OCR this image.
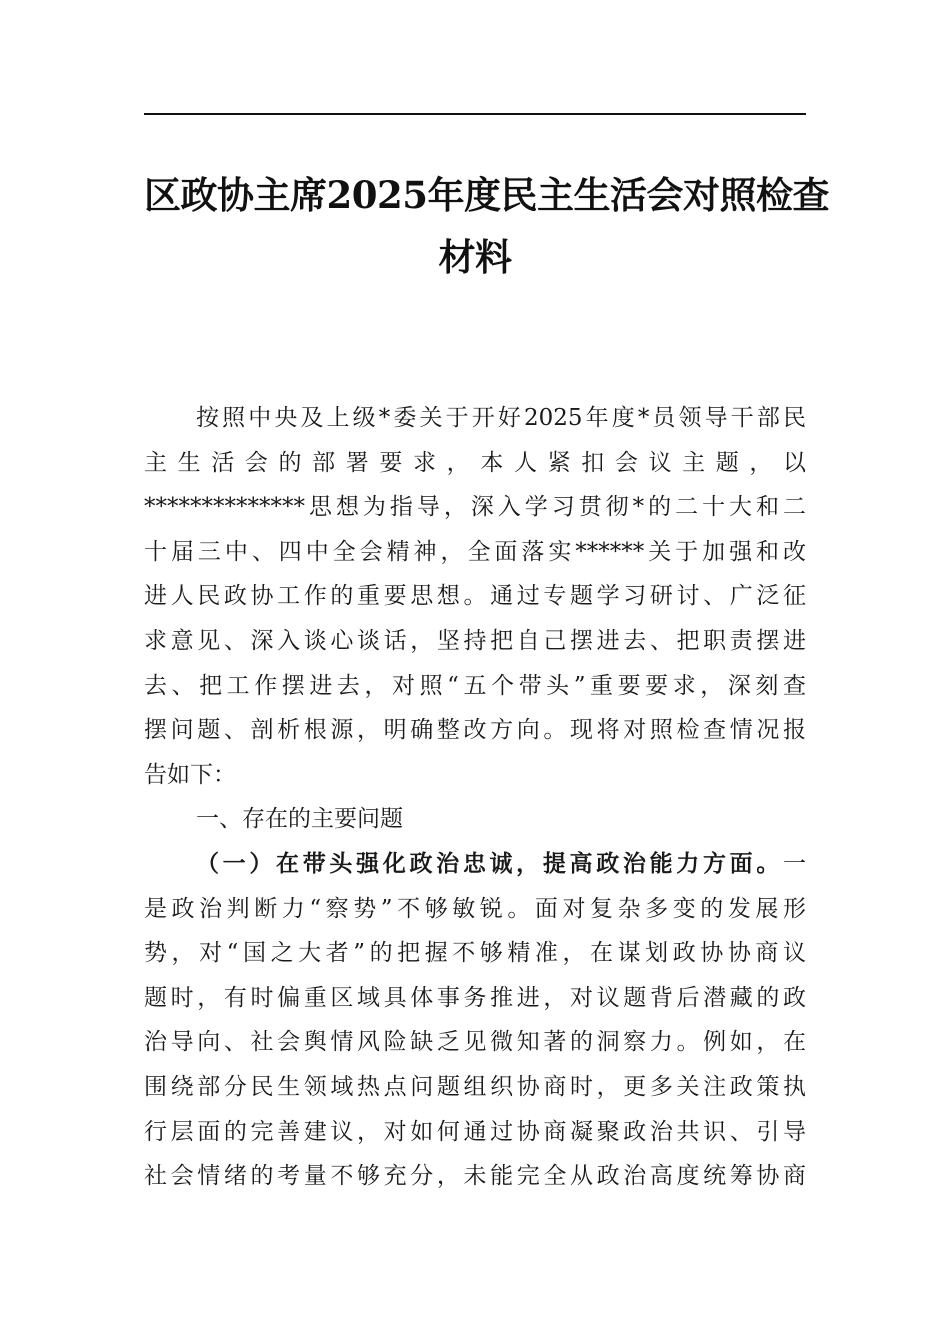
区政协主席2025年度民主生活会对照检查
材料
按照中央及上级*委关于开好2025年度*员领导干部民
主生活会的部署要求，本人紧扣会议主题，以
**************思想为指导，深入学习贯彻*的二十大和二
十届三中、四中全会精神，全面落实******关于加强和改
进人民政协工作的重要思想。通过专题学习研讨、广泛征
求意见、深入谈心谈话，坚持把自己摆进去、把职责摆进
去、把工作摆进去，对照“五个带头”重要要求，深刻查
摆问题、剖析根源，明确整改方向。现将对照检查情况报
告如下：
一、存在的主要问题
（一）在带头强化政治忠诚，提高政治能力方面。一
是政治判断力“察势”不够敏锐。面对复杂多变的发展形
势，对“国之大者”的把握不够精准，在谋划政协协商议
题时，有时偏重区域具体事务推进，对议题背后潜藏的政
治导向、社会舆情风险缺乏见微知著的洞察力。例如，在
围绕部分民生领域热点问题组织协商时，更多关注政策执
行层面的完善建议，对如何通过协商凝聚政治共识、引导
社会情绪的考量不够充分，未能完全从政治高度统筹协商
